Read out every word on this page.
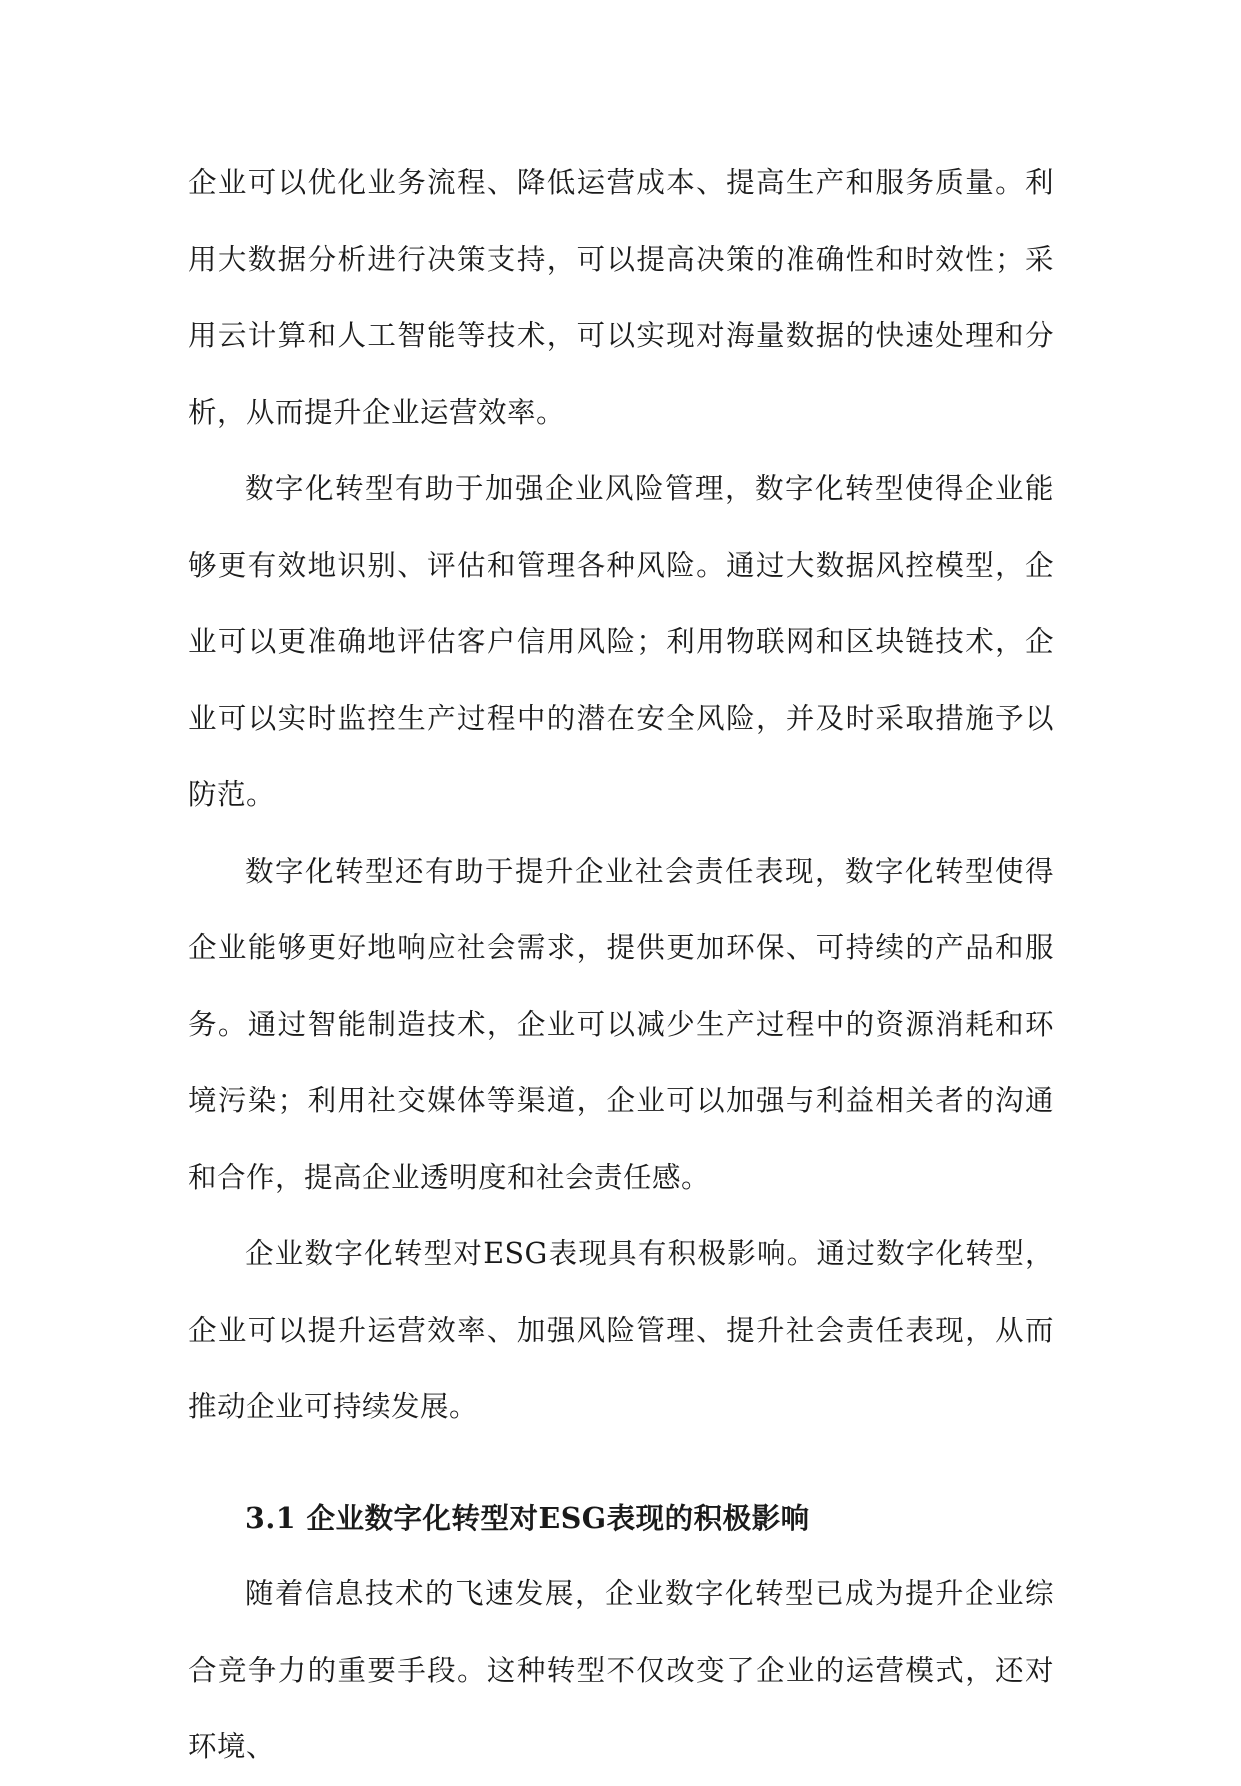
企业可以优化业务流程、降低运营成本、提高生产和服务质量。利用大数据分析进行决策支持，可以提高决策的准确性和时效性；采用云计算和人工智能等技术，可以实现对海量数据的快速处理和分析，从而提升企业运营效率。

数字化转型有助于加强企业风险管理，数字化转型使得企业能够更有效地识别、评估和管理各种风险。通过大数据风控模型，企业可以更准确地评估客户信用风险；利用物联网和区块链技术，企业可以实时监控生产过程中的潜在安全风险，并及时采取措施予以防范。

数字化转型还有助于提升企业社会责任表现，数字化转型使得企业能够更好地响应社会需求，提供更加环保、可持续的产品和服务。通过智能制造技术，企业可以减少生产过程中的资源消耗和环境污染；利用社交媒体等渠道，企业可以加强与利益相关者的沟通和合作，提高企业透明度和社会责任感。

企业数字化转型对ESG表现具有积极影响。通过数字化转型，企业可以提升运营效率、加强风险管理、提升社会责任表现，从而推动企业可持续发展。

3.1 企业数字化转型对ESG表现的积极影响

随着信息技术的飞速发展，企业数字化转型已成为提升企业综合竞争力的重要手段。这种转型不仅改变了企业的运营模式，还对环境、
